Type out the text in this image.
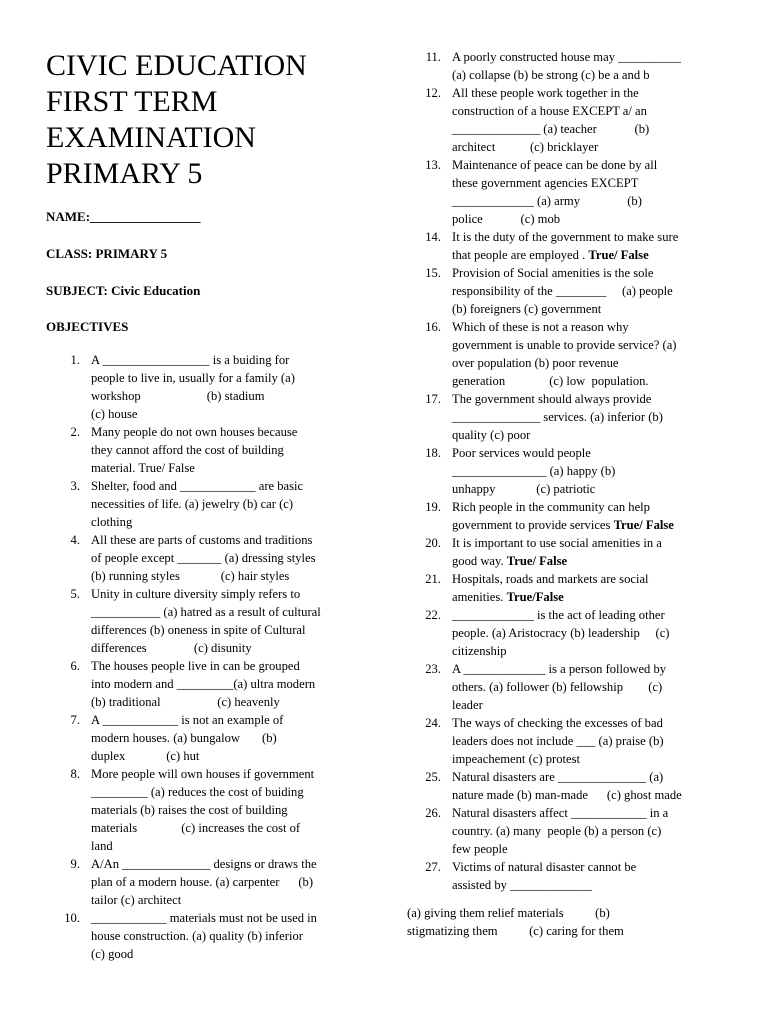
CIVIC EDUCATION
FIRST TERM
EXAMINATION
PRIMARY 5
NAME:_________________
CLASS: PRIMARY 5
SUBJECT: Civic Education
OBJECTIVES
1. A _________________ is a buiding for
people to live in, usually for a family (a)
workshop                     (b) stadium
(c) house
2. Many people do not own houses because
they cannot afford the cost of building
material. True/ False
3. Shelter, food and ____________ are basic
necessities of life. (a) jewelry (b) car (c)
clothing
4. All these are parts of customs and traditions
of people except _______ (a) dressing styles
(b) running styles             (c) hair styles
5. Unity in culture diversity simply refers to
___________ (a) hatred as a result of cultural
differences (b) oneness in spite of Cultural
differences               (c) disunity
6. The houses people live in can be grouped
into modern and _________(a) ultra modern
(b) traditional                  (c) heavenly
7. A ____________ is not an example of
modern houses. (a) bungalow       (b)
duplex             (c) hut
8. More people will own houses if government
_________ (a) reduces the cost of buiding
materials (b) raises the cost of building
materials              (c) increases the cost of
land
9. A/An ______________ designs or draws the
plan of a modern house. (a) carpenter      (b)
tailor (c) architect
10. ____________ materials must not be used in
house construction. (a) quality (b) inferior
(c) good
11. A poorly constructed house may __________
(a) collapse (b) be strong (c) be a and b
12. All these people work together in the
construction of a house EXCEPT a/ an
______________ (a) teacher            (b)
architect           (c) bricklayer
13. Maintenance of peace can be done by all
these government agencies EXCEPT
_____________ (a) army               (b)
police            (c) mob
14. It is the duty of the government to make sure
that people are employed . True/ False
15. Provision of Social amenities is the sole
responsibility of the ________     (a) people
(b) foreigners (c) government
16. Which of these is not a reason why
government is unable to provide service? (a)
over population (b) poor revenue
generation              (c) low  population.
17. The government should always provide
______________ services. (a) inferior (b)
quality (c) poor
18. Poor services would people
_______________ (a) happy (b)
unhappy             (c) patriotic
19. Rich people in the community can help
government to provide services True/ False
20. It is important to use social amenities in a
good way. True/ False
21. Hospitals, roads and markets are social
amenities. True/False
22. _____________ is the act of leading other
people. (a) Aristocracy (b) leadership     (c)
citizenship
23. A _____________ is a person followed by
others. (a) follower (b) fellowship        (c)
leader
24. The ways of checking the excesses of bad
leaders does not include ___ (a) praise (b)
impeachement (c) protest
25. Natural disasters are ______________ (a)
nature made (b) man-made      (c) ghost made
26. Natural disasters affect ____________ in a
country. (a) many  people (b) a person (c)
few people
27. Victims of natural disaster cannot be
assisted by _____________

(a) giving them relief materials          (b)
stigmatizing them          (c) caring for them
